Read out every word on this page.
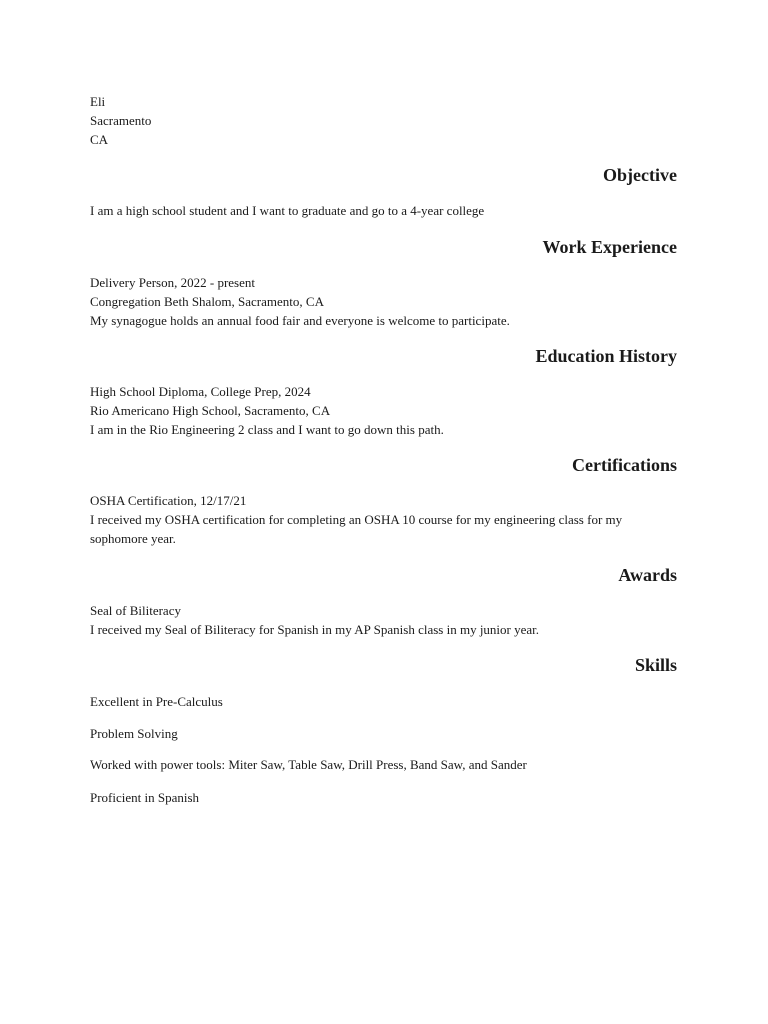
Eli
Sacramento
CA
Objective
I am a high school student and I want to graduate and go to a 4-year college
Work Experience
Delivery Person, 2022 - present
Congregation Beth Shalom, Sacramento, CA
My synagogue holds an annual food fair and everyone is welcome to participate.
Education History
High School Diploma, College Prep, 2024
Rio Americano High School, Sacramento, CA
I am in the Rio Engineering 2 class and I want to go down this path.
Certifications
OSHA Certification, 12/17/21
I received my OSHA certification for completing an OSHA 10 course for my engineering class for my sophomore year.
Awards
Seal of Biliteracy
I received my Seal of Biliteracy for Spanish in my AP Spanish class in my junior year.
Skills
Excellent in Pre-Calculus
Problem Solving
Worked with power tools: Miter Saw, Table Saw, Drill Press, Band Saw, and Sander
Proficient in Spanish
